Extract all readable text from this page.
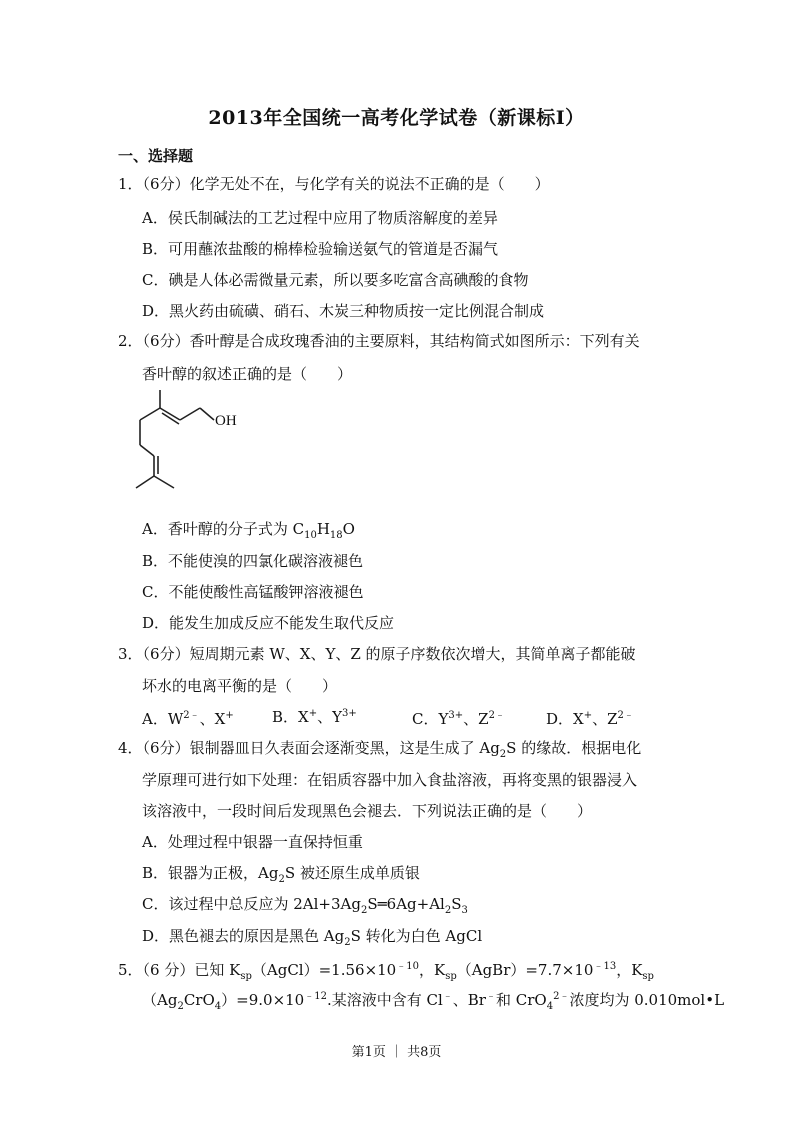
2013年全国统一高考化学试卷（新课标I）
一、选择题
1．（6分）化学无处不在，与化学有关的说法不正确的是（　　）
A．侯氏制碱法的工艺过程中应用了物质溶解度的差异
B．可用蘸浓盐酸的棉棒检验输送氨气的管道是否漏气
C．碘是人体必需微量元素，所以要多吃富含高碘酸的食物
D．黑火药由硫磺、硝石、木炭三种物质按一定比例混合制成
2．（6分）香叶醇是合成玫瑰香油的主要原料，其结构简式如图所示：下列有关
香叶醇的叙述正确的是（　　）
OH
A．香叶醇的分子式为 $C_{10}H_{18}O$
B．不能使溴的四氯化碳溶液褪色
C．不能使酸性高锰酸钾溶液褪色
D．能发生加成反应不能发生取代反应
3．（6分）短周期元素 W、X、Y、Z 的原子序数依次增大，其简单离子都能破
坏水的电离平衡的是（　　）
A．$W^{2﹣}$、X+	B．X+、$Y^{3+}$	C．$Y^{3+}$、$Z^{2﹣}$	D．X+、$Z^{2﹣}$
4．（6分）银制器皿日久表面会逐渐变黑，这是生成了 $Ag_2S$ 的缘故．根据电化
学原理可进行如下处理：在铝质容器中加入食盐溶液，再将变黑的银器浸入
该溶液中，一段时间后发现黑色会褪去．下列说法正确的是（　　）
A．处理过程中银器一直保持恒重
B．银器为正极，$Ag_2S$ 被还原生成单质银
C．该过程中总反应为 $2Al+3Ag_2S═6Ag+Al_2S_3$
D．黑色褪去的原因是黑色 $Ag_2S$ 转化为白色 AgCl
5．（6 分）已知 $K_{sp}(AgCl)=1.56\times 10^{﹣10}$，$K_{sp}(AgBr)=7.7\times 10^{﹣13}$，$K_{sp}$
$(Ag_2CrO_4)=9.0\times 10^{﹣12}$.某溶液中含有 Cl﹣、Br﹣和 CrO$_4^{2﹣}$浓度均为 0.010mol•L
第1页 ｜ 共8页
